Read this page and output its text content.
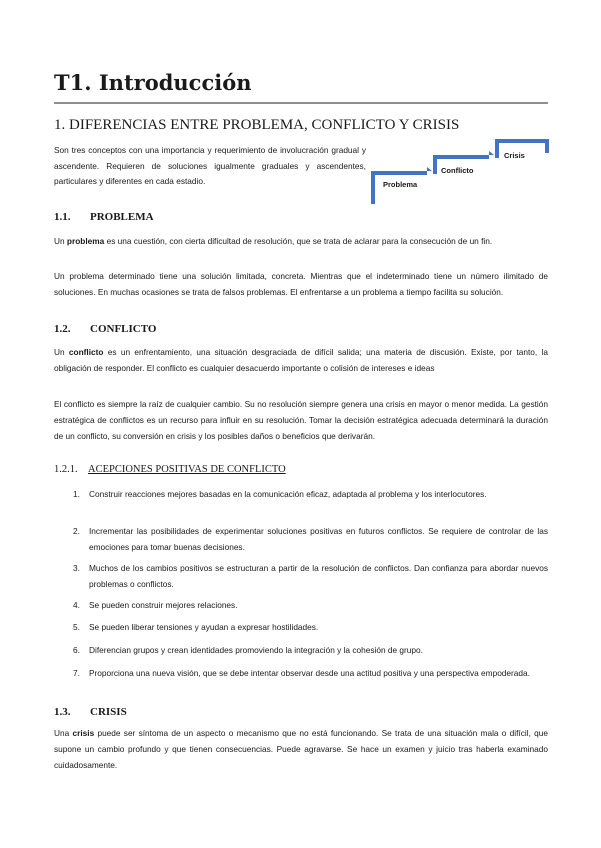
T1. Introducción
1. DIFERENCIAS ENTRE PROBLEMA, CONFLICTO Y CRISIS

Son tres conceptos con una importancia y requerimiento de involucración gradual y ascendente. Requieren de soluciones igualmente graduales y ascendentes, particulares y diferentes en cada estadio.	Problema
Conflicto
Crisis
1.1. PROBLEMA

Un problema es una cuestión, con cierta dificultad de resolución, que se trata de aclarar para la consecución de un fin.

Un problema determinado tiene una solución limitada, concreta. Mientras que el indeterminado tiene un número ilimitado de soluciones. En muchas ocasiones se trata de falsos problemas. El enfrentarse a un problema a tiempo facilita su solución.

1.2. CONFLICTO

Un conflicto es un enfrentamiento, una situación desgraciada de difícil salida; una materia de discusión. Existe, por tanto, la obligación de responder. El conflicto es cualquier desacuerdo importante o colisión de intereses e ideas

El conflicto es siempre la raíz de cualquier cambio. Su no resolución siempre genera una crisis en mayor o menor medida. La gestión estratégica de conflictos es un recurso para influir en su resolución. Tomar la decisión estratégica adecuada determinará la duración de un conflicto, su conversión en crisis y los posibles daños o beneficios que derivarán.

1.2.1. ACEPCIONES POSITIVAS DE CONFLICTO
1.	Construir reacciones mejores basadas en la comunicación eficaz, adaptada al problema y los interlocutores.
2.	Incrementar las posibilidades de experimentar soluciones positivas en futuros conflictos. Se requiere de controlar de las emociones para tomar buenas decisiones.
3.	Muchos de los cambios positivos se estructuran a partir de la resolución de conflictos. Dan confianza para abordar nuevos problemas o conflictos.
4.	Se pueden construir mejores relaciones.
5.	Se pueden liberar tensiones y ayudan a expresar hostilidades.
6.	Diferencian grupos y crean identidades promoviendo la integración y la cohesión de grupo.
7.	Proporciona una nueva visión, que se debe intentar observar desde una actitud positiva y una perspectiva empoderada.
1.3. CRISIS

Una crisis puede ser síntoma de un aspecto o mecanismo que no está funcionando. Se trata de una situación mala o difícil, que supone un cambio profundo y que tienen consecuencias. Puede agravarse. Se hace un examen y juicio tras haberla examinado cuidadosamente.
